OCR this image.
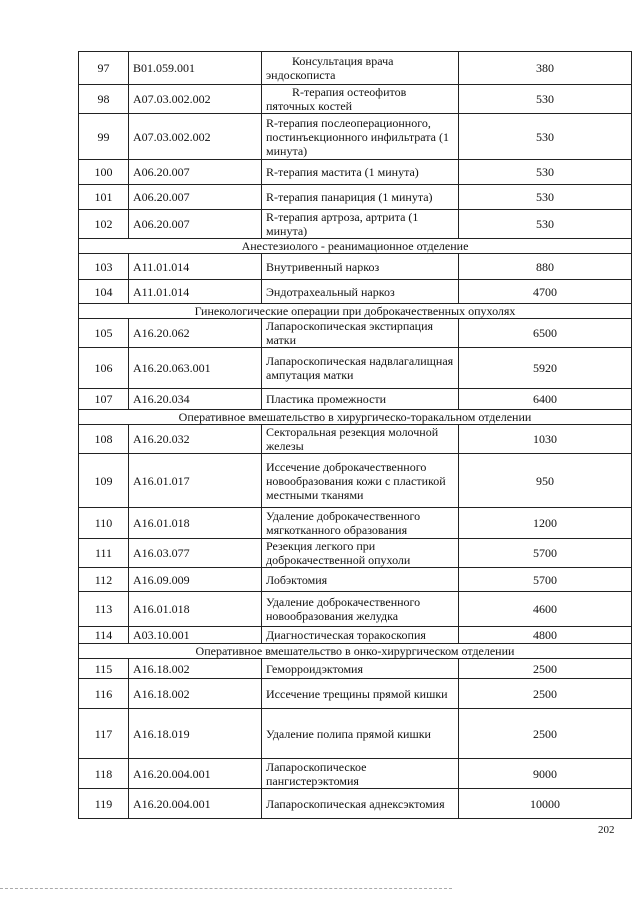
97	B01.059.001	Консультация врача эндоскописта	380
98	A07.03.002.002	R-терапия остеофитов пяточных костей	530
99	A07.03.002.002	R-терапия послеоперационного, постинъекционного инфильтрата (1 минута)	530
100	A06.20.007	R-терапия мастита (1 минута)	530
101	A06.20.007	R-терапия панариция (1 минута)	530
102	A06.20.007	R-терапия артроза, артрита (1 минута)	530
Анестезиолого - реанимационное отделение			
103	A11.01.014	Внутривенный наркоз	880
104	A11.01.014	Эндотрахеальный наркоз	4700
Гинекологические операции при доброкачественных опухолях			
105	A16.20.062	Лапароскопическая экстирпация матки	6500
106	A16.20.063.001	Лапароскопическая надвлагалищная ампутация матки	5920
107	A16.20.034	Пластика промежности	6400
Оперативное вмешательство в хирургическо-торакальном отделении			
108	A16.20.032	Секторальная резекция молочной железы	1030
109	A16.01.017	Иссечение доброкачественного новообразования кожи с пластикой местными тканями	950
110	A16.01.018	Удаление доброкачественного мягкотканного образования	1200
111	A16.03.077	Резекция легкого при доброкачественной опухоли	5700
112	A16.09.009	Лобэктомия	5700
113	A16.01.018	Удаление доброкачественного новообразования желудка	4600
114	A03.10.001	Диагностическая торакоскопия	4800
Оперативное вмешательство в онко-хирургическом отделении			
115	A16.18.002	Геморроидэктомия	2500
116	A16.18.002	Иссечение трещины прямой кишки	2500
117	A16.18.019	Удаление полипа прямой кишки	2500
118	A16.20.004.001	Лапароскопическое пангистерэктомия	9000
119	A16.20.004.001	Лапароскопическая аднексэктомия	10000
202
